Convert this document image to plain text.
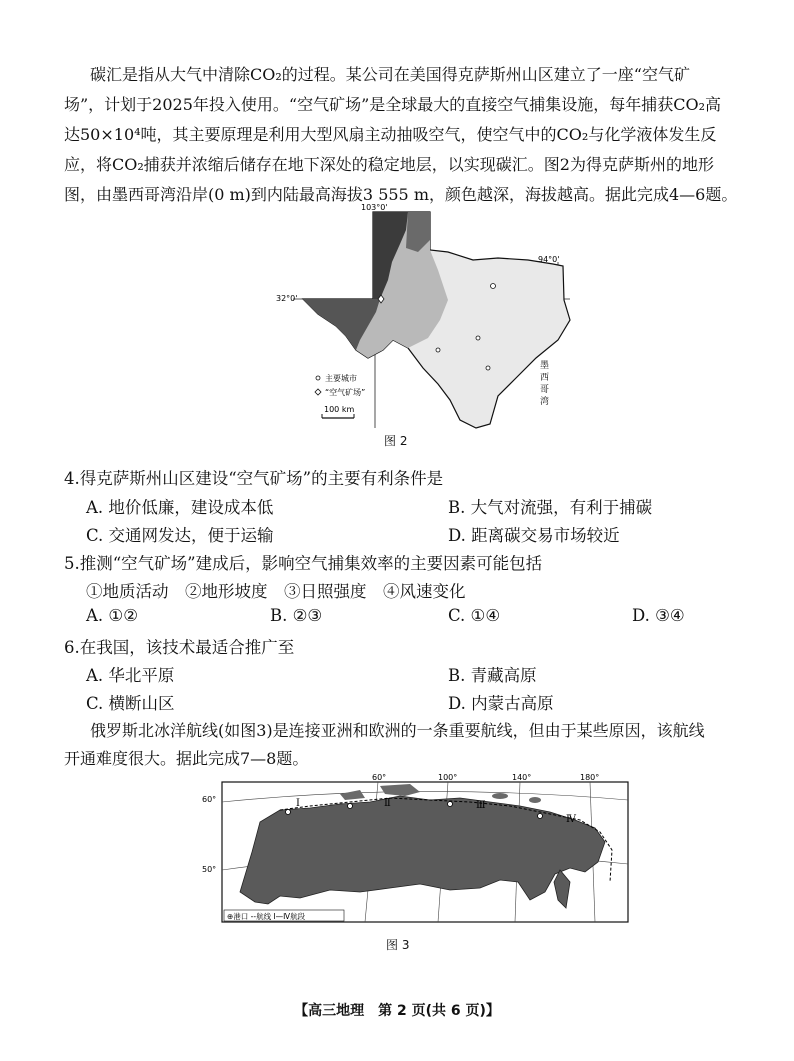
碳汇是指从大气中清除CO₂的过程。某公司在美国得克萨斯州山区建立了一座“空气矿
场”，计划于2025年投入使用。“空气矿场”是全球最大的直接空气捕集设施，每年捕获CO₂高
达50×10⁴吨，其主要原理是利用大型风扇主动抽吸空气，使空气中的CO₂与化学液体发生反
应，将CO₂捕获并浓缩后储存在地下深处的稳定地层，以实现碳汇。图2为得克萨斯州的地形
图，由墨西哥湾沿岸(0 m)到内陆最高海拔3 555 m，颜色越深，海拔越高。据此完成4—6题。
103°0'
94°0'
32°0'
主要城市
“空气矿场”
100 km
墨西哥湾
图 2
4.得克萨斯州山区建设“空气矿场”的主要有利条件是
A. 地价低廉，建设成本低	B. 大气对流强，有利于捕碳
C. 交通网发达，便于运输	D. 距离碳交易市场较近
5.推测“空气矿场”建成后，影响空气捕集效率的主要因素可能包括
①地质活动　②地形坡度　③日照强度　④风速变化
A. ①②	B. ②③	C. ①④	D. ③④
6.在我国，该技术最适合推广至
A. 华北平原	B. 青藏高原
C. 横断山区	D. 内蒙古高原
俄罗斯北冰洋航线(如图3)是连接亚洲和欧洲的一条重要航线，但由于某些原因，该航线
开通难度很大。据此完成7—8题。
60°	100°	140°	180°
60°
50°
Ⅰ	Ⅱ	Ⅲ
Ⅳ
⊕港口 --航线 Ⅰ—Ⅳ航段
图 3
【高三地理　第 2 页(共 6 页)】
